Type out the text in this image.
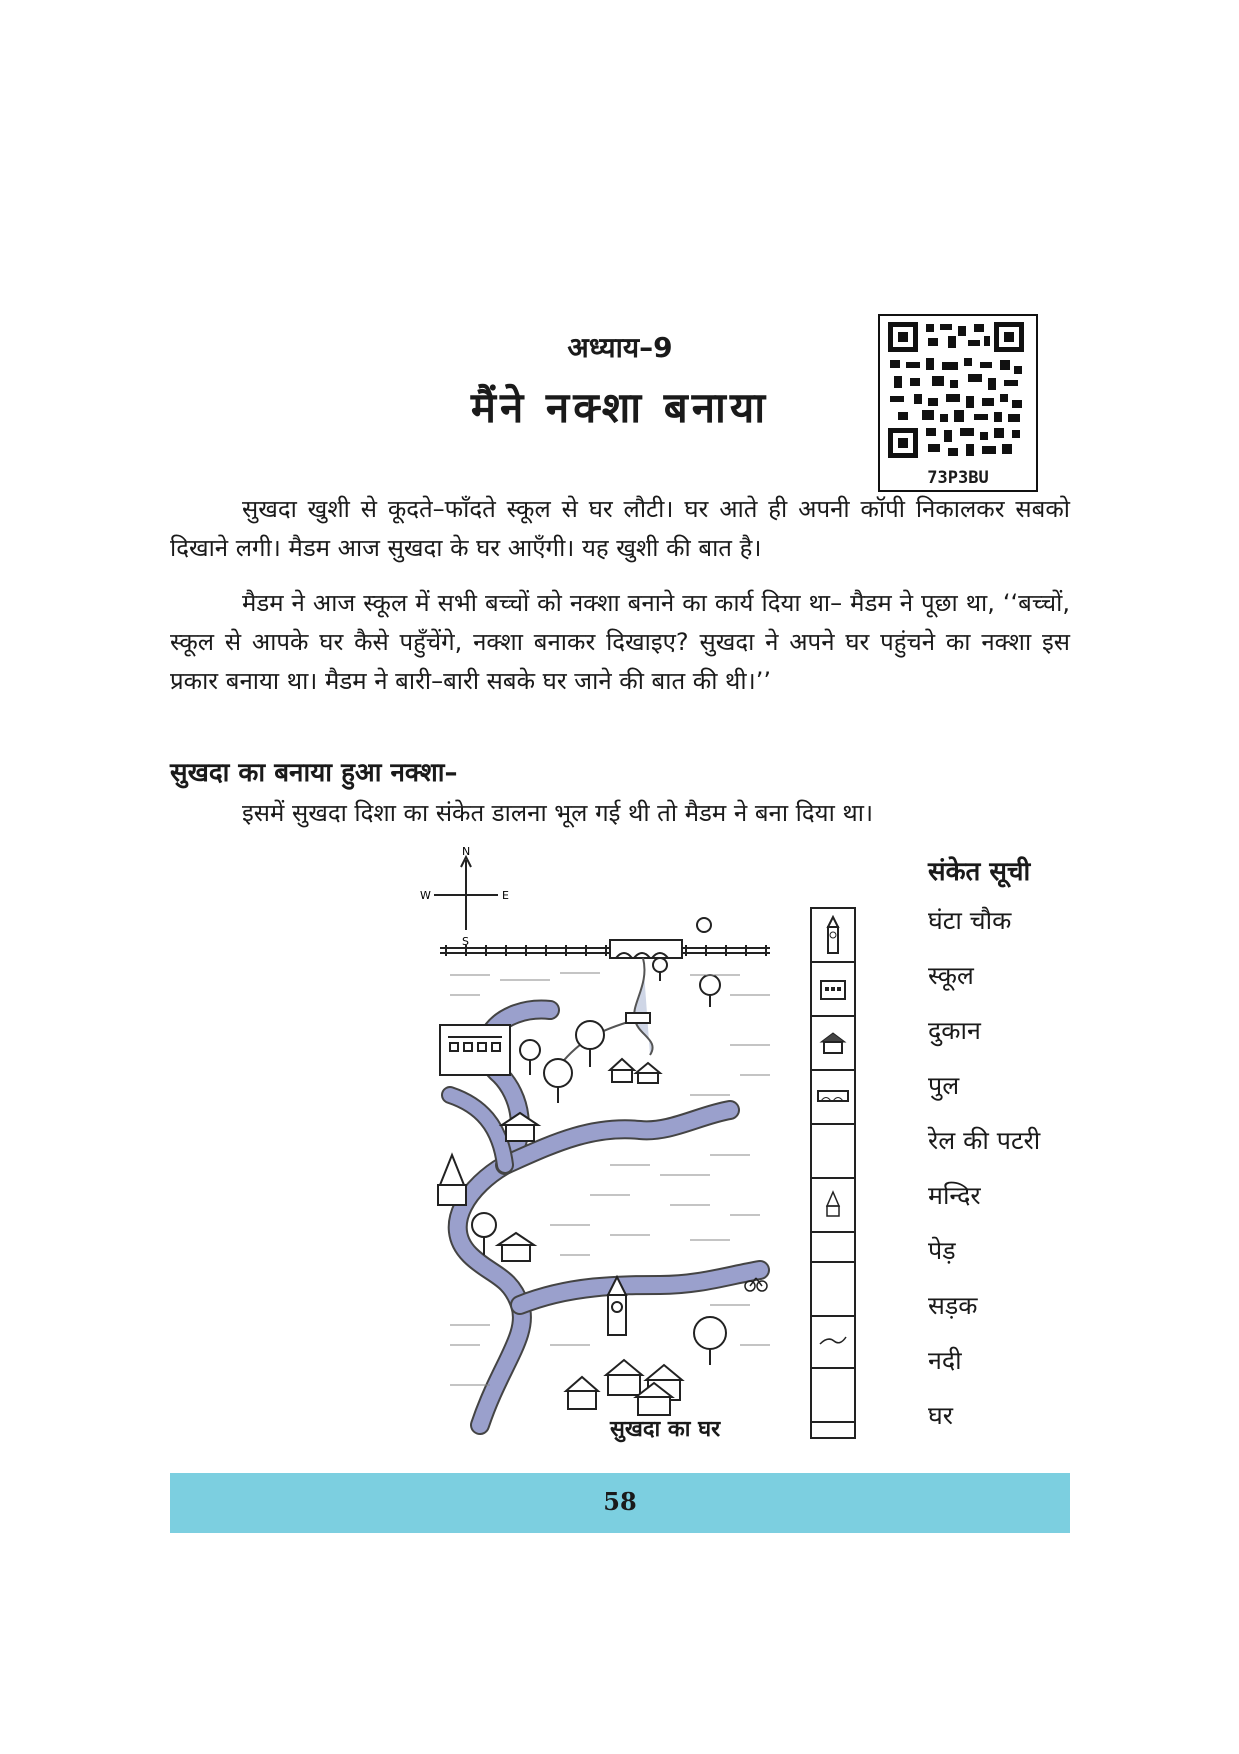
अध्याय–9
मैंने नक्शा बनाया
73P3BU

सुखदा खुशी से कूदते–फाँदते स्कूल से घर लौटी। घर आते ही अपनी कॉपी निकालकर सबको दिखाने लगी। मैडम आज सुखदा के घर आएँगी। यह खुशी की बात है।

मैडम ने आज स्कूल में सभी बच्चों को नक्शा बनाने का कार्य दिया था– मैडम ने पूछा था, ‘‘बच्चों, स्कूल से आपके घर कैसे पहुँचेंगे, नक्शा बनाकर दिखाइए? सुखदा ने अपने घर पहुंचने का नक्शा इस प्रकार बनाया था। मैडम ने बारी–बारी सबके घर जाने की बात की थी।’’

सुखदा का बनाया हुआ नक्शा–

इसमें सुखदा दिशा का संकेत डालना भूल गई थी तो मैडम ने बना दिया था।

N
S
E
W
सुखदा का घर
संकेत सूची
घंटा चौक
स्कूल
दुकान
पुल
रेल की पटरी
मन्दिर
पेड़
सड़क
नदी
घर
58
